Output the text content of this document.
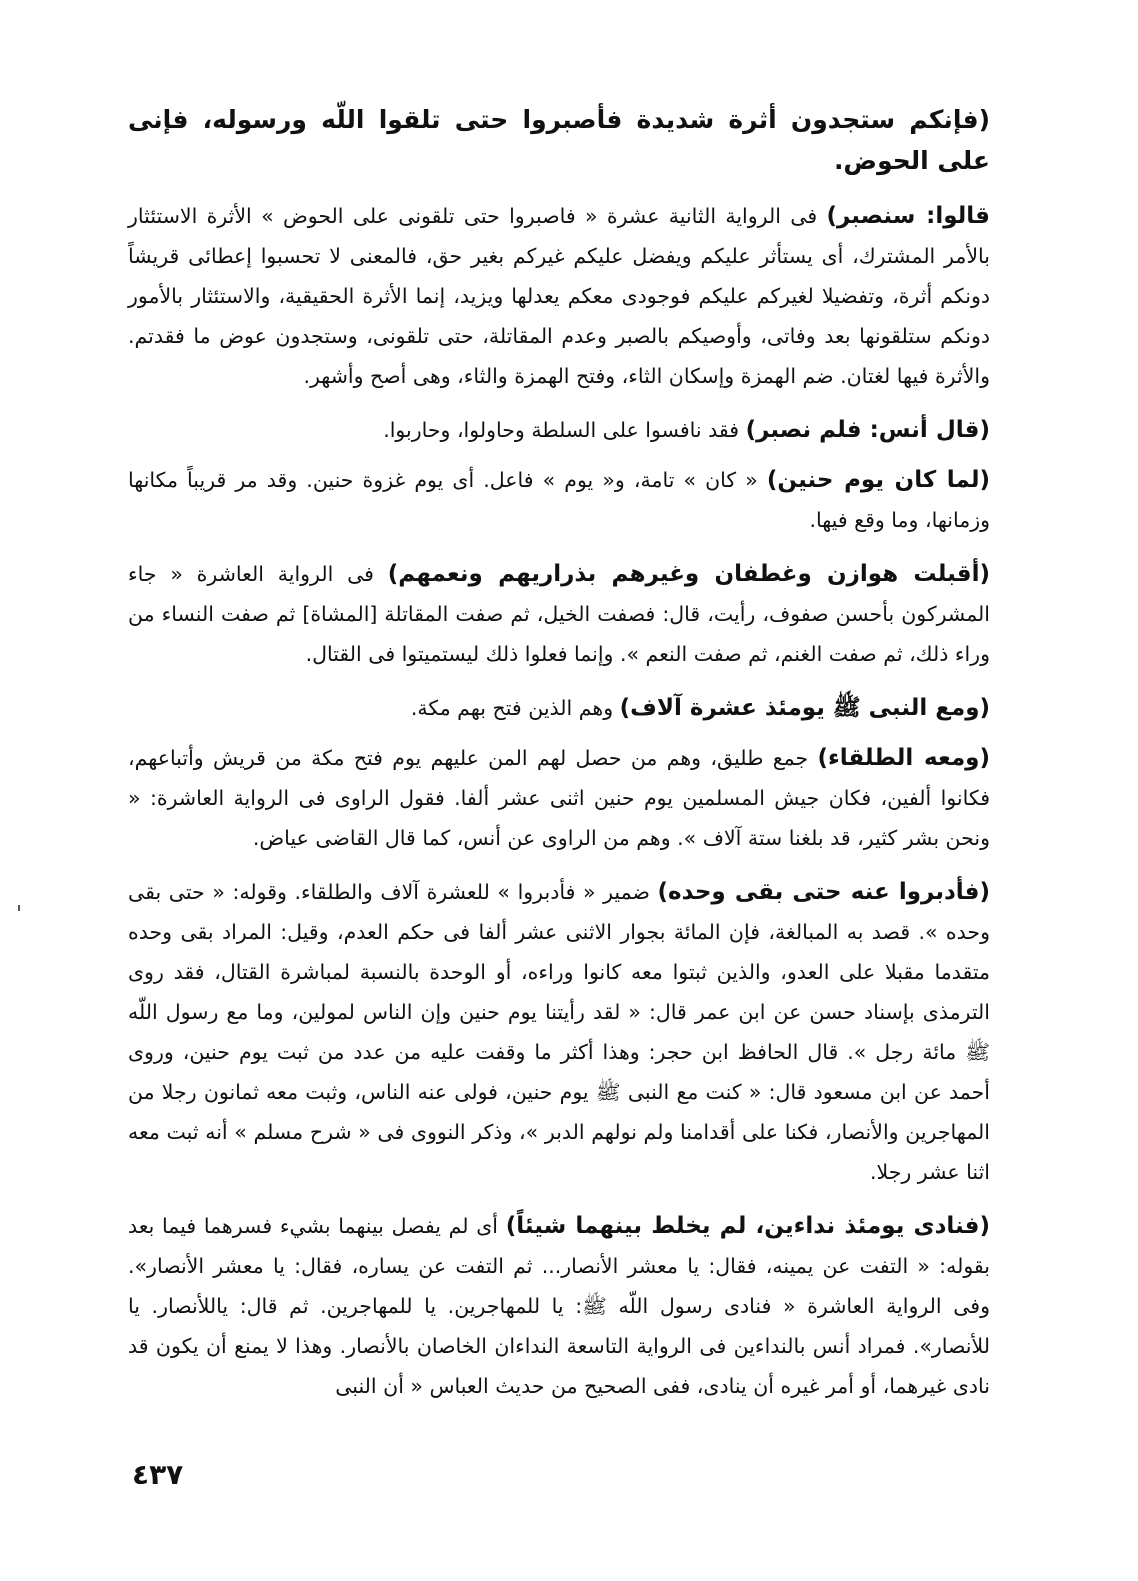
(فإنكم ستجدون أثرة شديدة فأصبروا حتى تلقوا اللّه ورسوله، فإنى على الحوض.

قالوا: سنصبر) فى الرواية الثانية عشرة « فاصبروا حتى تلقونى على الحوض » الأثرة الاستئثار بالأمر المشترك، أى يستأثر عليكم ويفضل عليكم غيركم بغير حق، فالمعنى لا تحسبوا إعطائى قريشاً دونكم أثرة، وتفضيلا لغيركم عليكم فوجودى معكم يعدلها ويزيد، إنما الأثرة الحقيقية، والاستئثار بالأمور دونكم ستلقونها بعد وفاتى، وأوصيكم بالصبر وعدم المقاتلة، حتى تلقونى، وستجدون عوض ما فقدتم. والأثرة فيها لغتان. ضم الهمزة وإسكان الثاء، وفتح الهمزة والثاء، وهى أصح وأشهر.

(قال أنس: فلم نصبر) فقد نافسوا على السلطة وحاولوا، وحاربوا.

(لما كان يوم حنين) « كان » تامة، و« يوم » فاعل. أى يوم غزوة حنين. وقد مر قريباً مكانها وزمانها، وما وقع فيها.

(أقبلت هوازن وغطفان وغيرهم بذراريهم ونعمهم) فى الرواية العاشرة « جاء المشركون بأحسن صفوف، رأيت، قال: فصفت الخيل، ثم صفت المقاتلة [المشاة] ثم صفت النساء من وراء ذلك، ثم صفت الغنم، ثم صفت النعم ». وإنما فعلوا ذلك ليستميتوا فى القتال.

(ومع النبى ﷺ يومئذ عشرة آلاف) وهم الذين فتح بهم مكة.

(ومعه الطلقاء) جمع طليق، وهم من حصل لهم المن عليهم يوم فتح مكة من قريش وأتباعهم، فكانوا ألفين، فكان جيش المسلمين يوم حنين اثنى عشر ألفا. فقول الراوى فى الرواية العاشرة: « ونحن بشر كثير، قد بلغنا ستة آلاف ». وهم من الراوى عن أنس، كما قال القاضى عياض.

(فأدبروا عنه حتى بقى وحده) ضمير « فأدبروا » للعشرة آلاف والطلقاء. وقوله: « حتى بقى وحده ». قصد به المبالغة، فإن المائة بجوار الاثنى عشر ألفا فى حكم العدم، وقيل: المراد بقى وحده متقدما مقبلا على العدو، والذين ثبتوا معه كانوا وراءه، أو الوحدة بالنسبة لمباشرة القتال، فقد روى الترمذى بإسناد حسن عن ابن عمر قال: « لقد رأيتنا يوم حنين وإن الناس لمولين، وما مع رسول اللّه ﷺ مائة رجل ». قال الحافظ ابن حجر: وهذا أكثر ما وقفت عليه من عدد من ثبت يوم حنين، وروى أحمد عن ابن مسعود قال: « كنت مع النبى ﷺ يوم حنين، فولى عنه الناس، وثبت معه ثمانون رجلا من المهاجرين والأنصار، فكنا على أقدامنا ولم نولهم الدبر »، وذكر النووى فى « شرح مسلم » أنه ثبت معه اثنا عشر رجلا.

(فنادى يومئذ نداءين، لم يخلط بينهما شيئاً) أى لم يفصل بينهما بشيء فسرهما فيما بعد بقوله: « التفت عن يمينه، فقال: يا معشر الأنصار... ثم التفت عن يساره، فقال: يا معشر الأنصار». وفى الرواية العاشرة « فنادى رسول اللّه ﷺ: يا للمهاجرين. يا للمهاجرين. ثم قال: ياللأنصار. يا للأنصار». فمراد أنس بالنداءين فى الرواية التاسعة النداءان الخاصان بالأنصار. وهذا لا يمنع أن يكون قد نادى غيرهما، أو أمر غيره أن ينادى، ففى الصحيح من حديث العباس « أن النبى

٤٣٧
